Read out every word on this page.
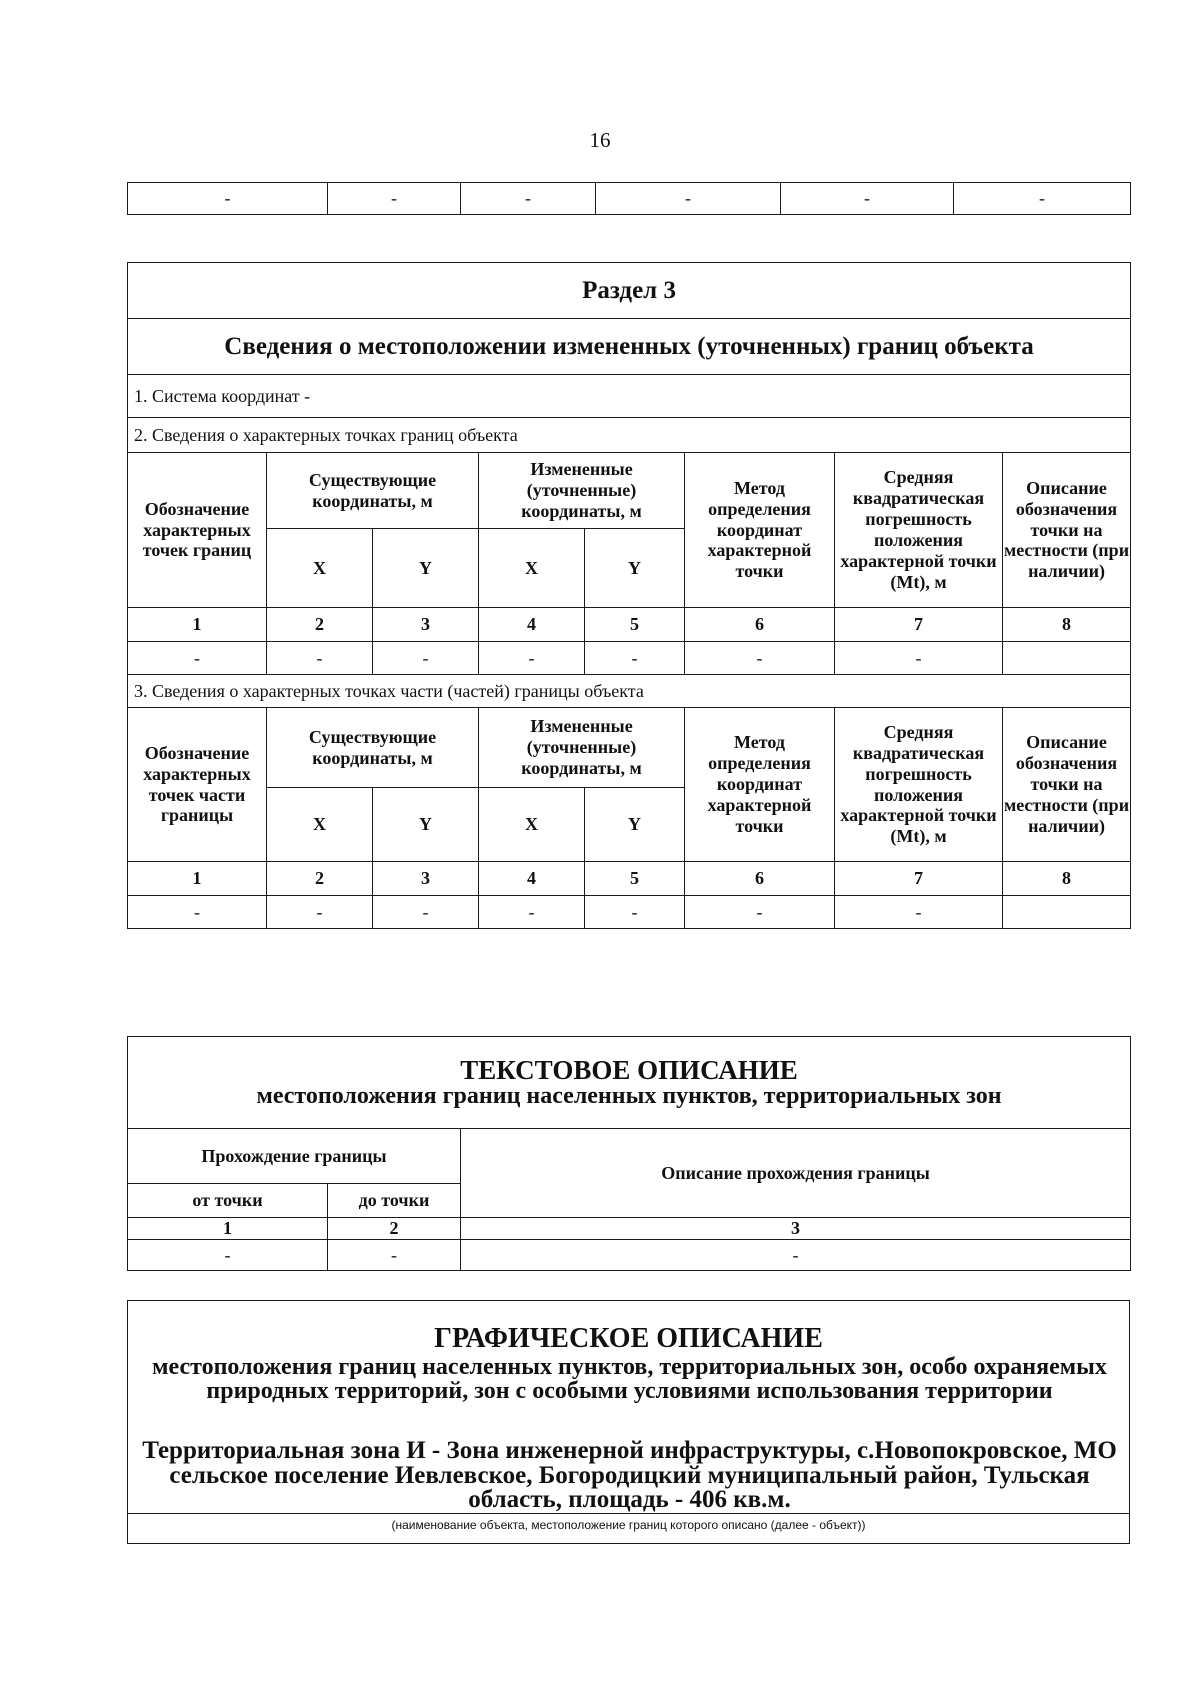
16
-	-	-	-	-	-
Раздел 3							
Сведения о местоположении измененных (уточненных) границ объекта							
1. Система координат -							
2. Сведения о характерных точках границ объекта							
Обозначение характерных точек границ	Существующие координаты, м		Измененные (уточненные) координаты, м		Метод определения координат характерной точки	Средняя квадратическая погрешность положения характерной точки (Mt), м	Описание обозначения точки на местности (при наличии)
	X	Y	X	Y			
1	2	3	4	5	6	7	8
-	-	-	-	-	-	-	
3. Сведения о характерных точках части (частей) границы объекта							
Обозначение характерных точек части границы	Существующие координаты, м		Измененные (уточненные) координаты, м		Метод определения координат характерной точки	Средняя квадратическая погрешность положения характерной точки (Mt), м	Описание обозначения точки на местности (при наличии)
	X	Y	X	Y			
1	2	3	4	5	6	7	8
-	-	-	-	-	-	-	
ТЕКСТОВОЕ ОПИСАНИЕ
местоположения границ населенных пунктов, территориальных зон		

Прохождение границы		Описание прохождения границы
от точки	до точки	
1	2	3
-	-	-
ГРАФИЧЕСКОЕ ОПИСАНИЕ
местоположения границ населенных пунктов, территориальных зон, особо охраняемых природных территорий, зон с особыми условиями использования территории
Территориальная зона И - Зона инженерной инфраструктуры, с.Новопокровское, МО сельское поселение Иевлевское, Богородицкий муниципальный район, Тульская область, площадь - 406 кв.м.
(наименование объекта, местоположение границ которого описано (далее - объект))
